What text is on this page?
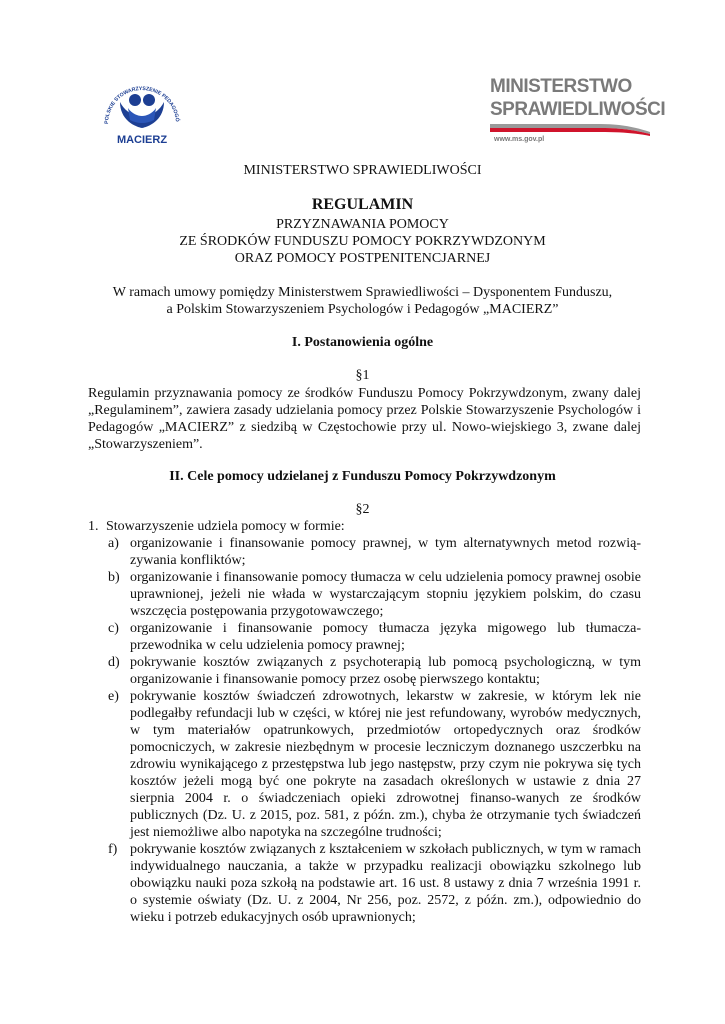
POLSKIE STOWARZYSZENIE PEDAGOGÓ
MACIERZ
MINISTERSTWO
SPRAWIEDLIWOŚCI
www.ms.gov.pl
MINISTERSTWO SPRAWIEDLIWOŚCI
REGULAMIN
PRZYZNAWANIA POMOCY
ZE ŚRODKÓW FUNDUSZU POMOCY POKRZYWDZONYM
ORAZ POMOCY POSTPENITENCJARNEJ
W ramach umowy pomiędzy Ministerstwem Sprawiedliwości – Dysponentem Funduszu,
a Polskim Stowarzyszeniem Psychologów i Pedagogów „MACIERZ”
I. Postanowienia ogólne
§1
Regulamin przyznawania pomocy ze środków Funduszu Pomocy Pokrzywdzonym, zwany dalej „Regulaminem”, zawiera zasady udzielania pomocy przez Polskie Stowarzyszenie Psychologów i Pedagogów „MACIERZ” z siedzibą w Częstochowie przy ul. Nowo-wiejskiego 3, zwane dalej „Stowarzyszeniem”.
II. Cele pomocy udzielanej z Funduszu Pomocy Pokrzywdzonym
§2
1. Stowarzyszenie udziela pomocy w formie:
a) organizowanie i finansowanie pomocy prawnej, w tym alternatywnych metod rozwią-zywania konfliktów;
b) organizowanie i finansowanie pomocy tłumacza w celu udzielenia pomocy prawnej osobie uprawnionej, jeżeli nie włada w wystarczającym stopniu językiem polskim, do czasu wszczęcia postępowania przygotowawczego;
c) organizowanie i finansowanie pomocy tłumacza języka migowego lub tłumacza-przewodnika w celu udzielenia pomocy prawnej;
d) pokrywanie kosztów związanych z psychoterapią lub pomocą psychologiczną, w tym organizowanie i finansowanie pomocy przez osobę pierwszego kontaktu;
e) pokrywanie kosztów świadczeń zdrowotnych, lekarstw w zakresie, w którym lek nie podlegałby refundacji lub w części, w której nie jest refundowany, wyrobów medycznych, w tym materiałów opatrunkowych, przedmiotów ortopedycznych oraz środków pomocniczych, w zakresie niezbędnym w procesie leczniczym doznanego uszczerbku na zdrowiu wynikającego z przestępstwa lub jego następstw, przy czym nie pokrywa się tych kosztów jeżeli mogą być one pokryte na zasadach określonych w ustawie z dnia 27 sierpnia 2004 r. o świadczeniach opieki zdrowotnej finanso-wanych ze środków publicznych (Dz. U. z 2015, poz. 581, z późn. zm.), chyba że otrzymanie tych świadczeń jest niemożliwe albo napotyka na szczególne trudności;
f) pokrywanie kosztów związanych z kształceniem w szkołach publicznych, w tym w ramach indywidualnego nauczania, a także w przypadku realizacji obowiązku szkolnego lub obowiązku nauki poza szkołą na podstawie art. 16 ust. 8 ustawy z dnia 7 września 1991 r. o systemie oświaty (Dz. U. z 2004, Nr 256, poz. 2572, z późn. zm.), odpowiednio do wieku i potrzeb edukacyjnych osób uprawnionych;
